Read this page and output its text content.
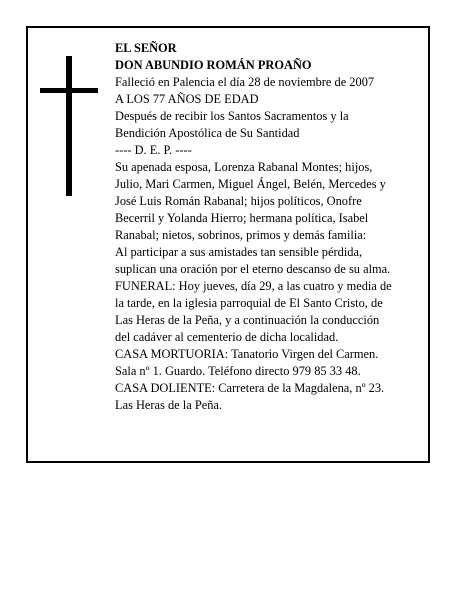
EL SEÑOR
DON ABUNDIO ROMÁN PROAÑO
Falleció en Palencia el día 28 de noviembre de 2007
A LOS 77 AÑOS DE EDAD
Después de recibir los Santos Sacramentos y la
Bendición Apostólica de Su Santidad
---- D. E. P. ----
Su apenada esposa, Lorenza Rabanal Montes; hijos,
Julio, Mari Carmen, Miguel Ángel, Belén, Mercedes y
José Luis Román Rabanal; hijos políticos, Onofre
Becerril y Yolanda Hierro; hermana política, Isabel
Ranabal; nietos, sobrinos, primos y demás familia:
Al participar a sus amistades tan sensible pérdida,
suplican una oración por el eterno descanso de su alma.
FUNERAL: Hoy jueves, día 29, a las cuatro y media de
la tarde, en la iglesia parroquial de El Santo Cristo, de
Las Heras de la Peña, y a continuación la conducción
del cadáver al cementerio de dicha localidad.
CASA MORTUORIA: Tanatorio Virgen del Carmen.
Sala nº 1. Guardo. Teléfono directo 979 85 33 48.
CASA DOLIENTE: Carretera de la Magdalena, nº 23.
Las Heras de la Peña.
